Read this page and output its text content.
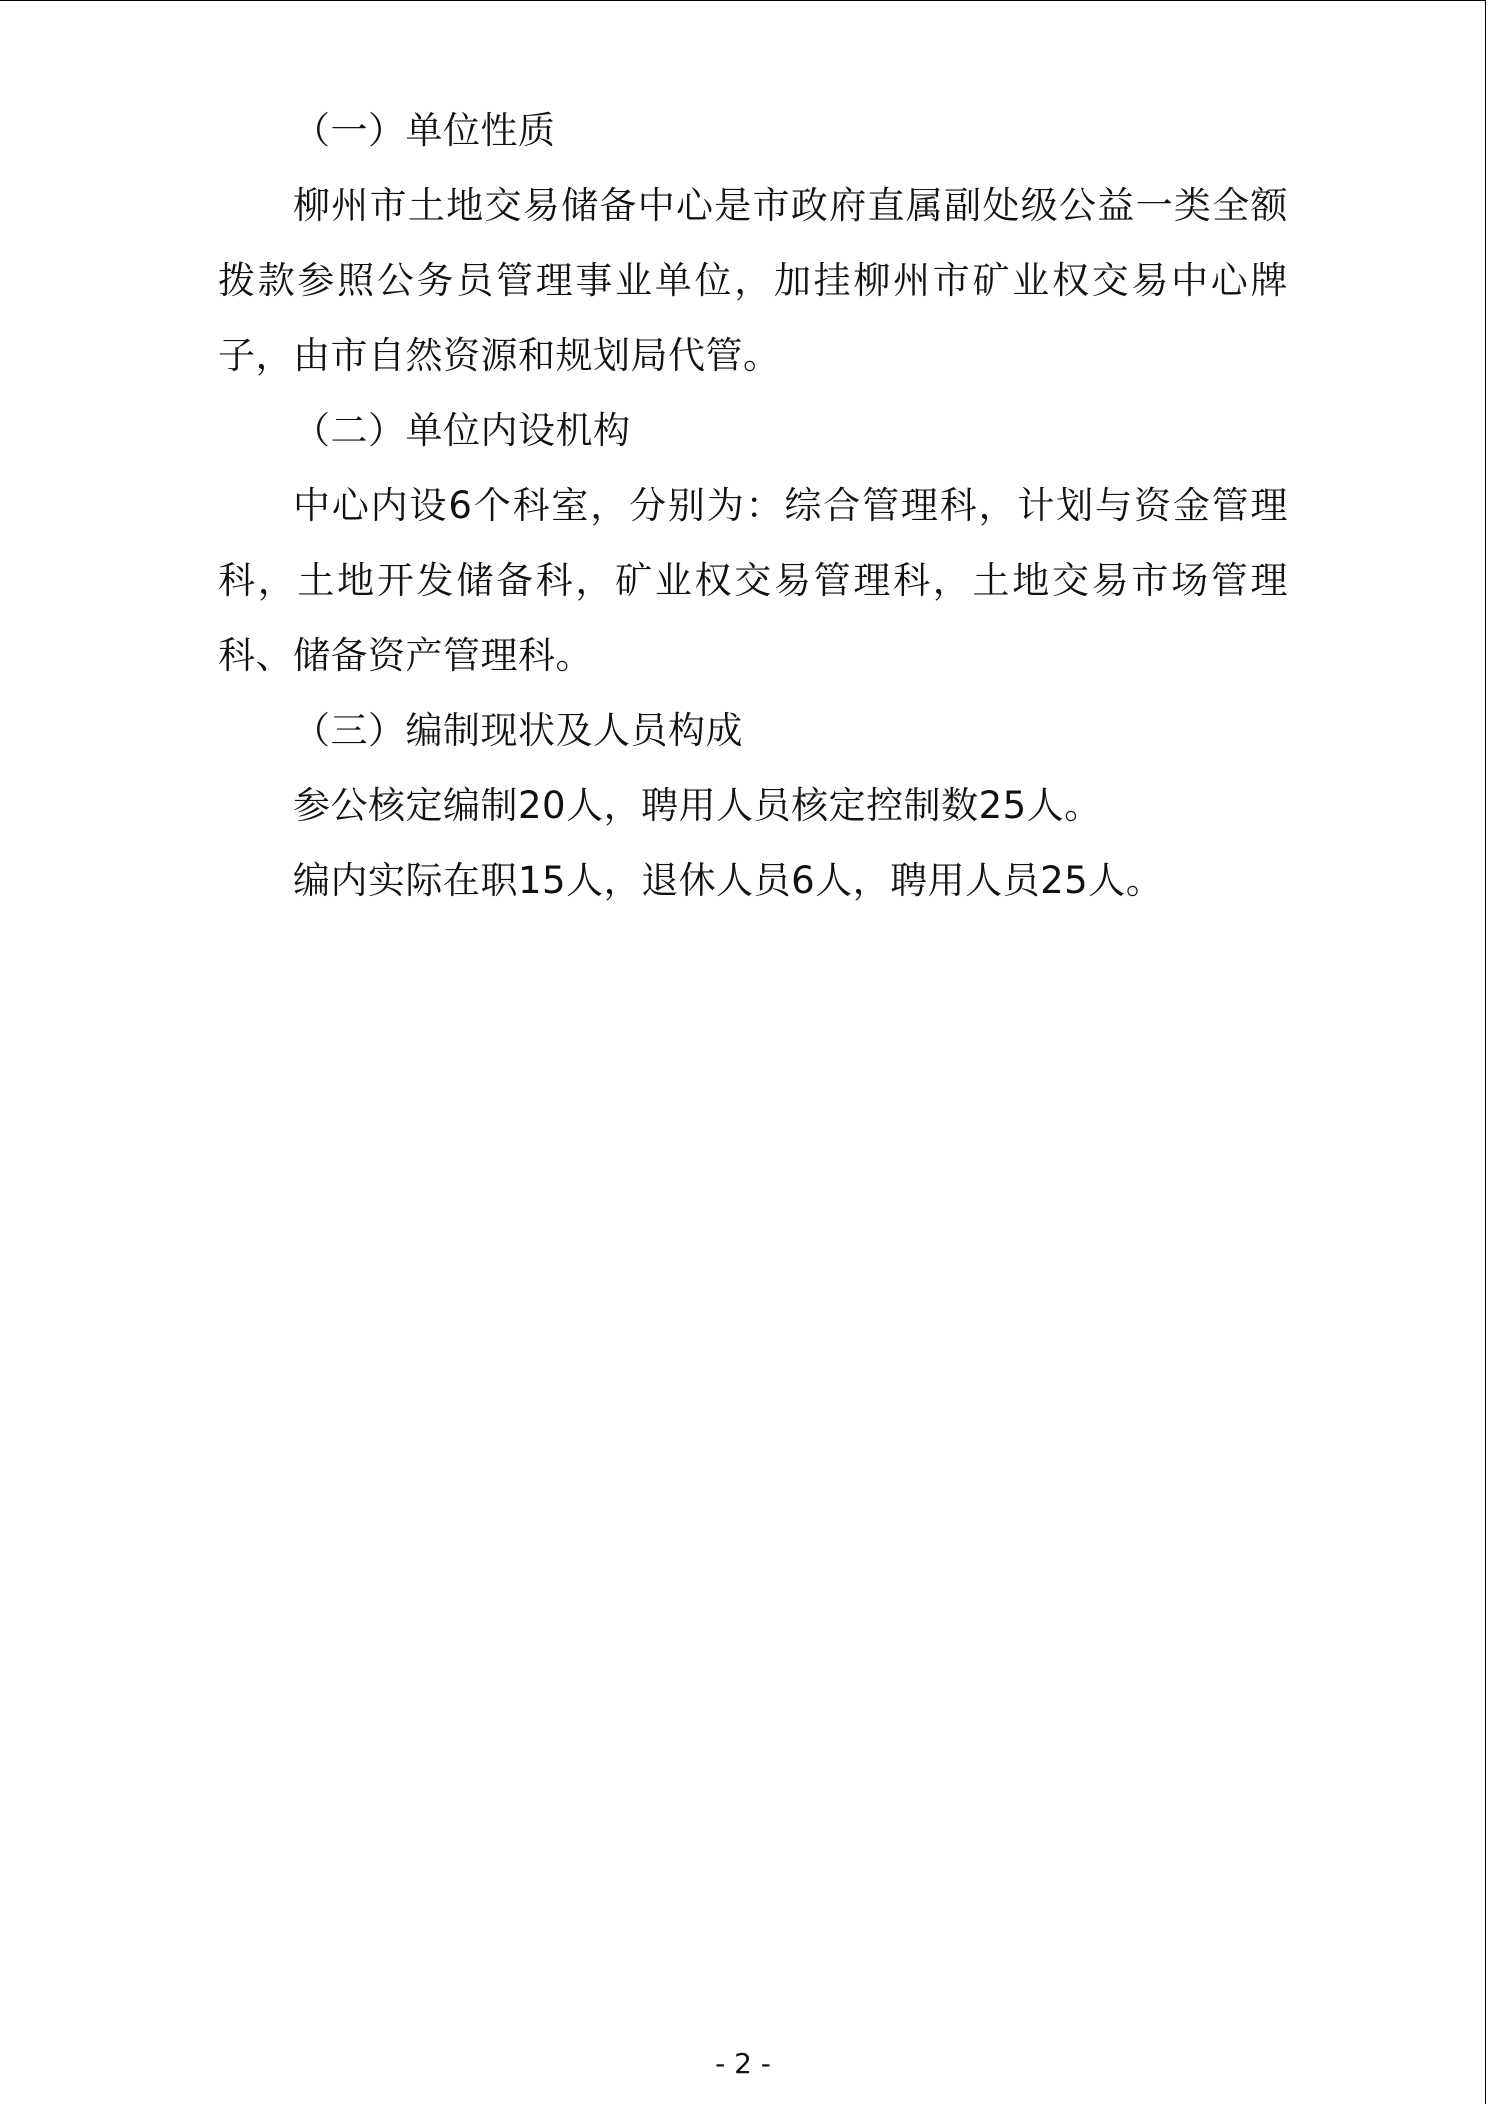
（一）单位性质

柳州市土地交易储备中心是市政府直属副处级公益一类全额拨款参照公务员管理事业单位，加挂柳州市矿业权交易中心牌子，由市自然资源和规划局代管。

（二）单位内设机构

中心内设6个科室，分别为：综合管理科，计划与资金管理科，土地开发储备科，矿业权交易管理科，土地交易市场管理科、储备资产管理科。

（三）编制现状及人员构成

参公核定编制20人，聘用人员核定控制数25人。

编内实际在职15人，退休人员6人，聘用人员25人。

- 2 -
